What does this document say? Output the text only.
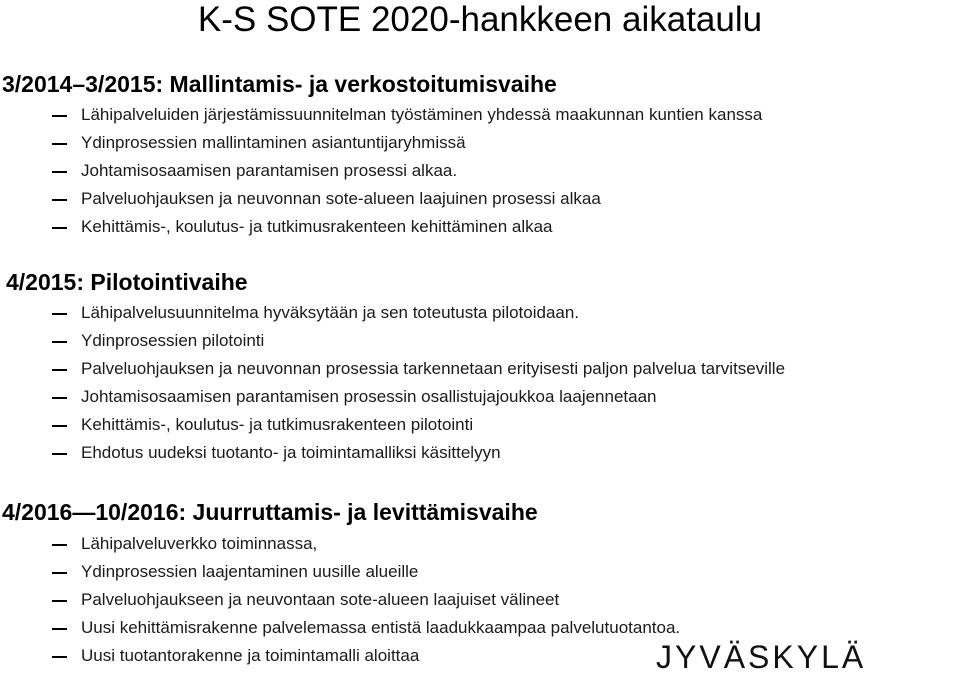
K-S SOTE 2020-hankkeen aikataulu
3/2014–3/2015: Mallintamis- ja verkostoitumisvaihe
Lähipalveluiden järjestämissuunnitelman työstäminen yhdessä maakunnan kuntien kanssa
Ydinprosessien mallintaminen asiantuntijaryhmissä
Johtamisosaamisen parantamisen prosessi alkaa.
Palveluohjauksen ja neuvonnan sote-alueen laajuinen prosessi alkaa
Kehittämis-, koulutus- ja tutkimusrakenteen kehittäminen alkaa
4/2015: Pilotointivaihe
Lähipalvelusuunnitelma hyväksytään ja sen toteutusta pilotoidaan.
Ydinprosessien pilotointi
Palveluohjauksen ja neuvonnan prosessia tarkennetaan erityisesti paljon palvelua tarvitseville
Johtamisosaamisen parantamisen prosessin osallistujajoukkoa laajennetaan
Kehittämis-, koulutus- ja tutkimusrakenteen pilotointi
Ehdotus uudeksi tuotanto- ja toimintamalliksi käsittelyyn
4/2016—10/2016: Juurruttamis- ja levittämisvaihe
Lähipalveluverkko toiminnassa,
Ydinprosessien laajentaminen uusille alueille
Palveluohjaukseen ja neuvontaan sote-alueen laajuiset välineet
Uusi kehittämisrakenne palvelemassa entistä laadukkaampaa palvelutuotantoa.
Uusi tuotantorakenne ja toimintamalli aloittaa	JYVÄSKYLÄ
